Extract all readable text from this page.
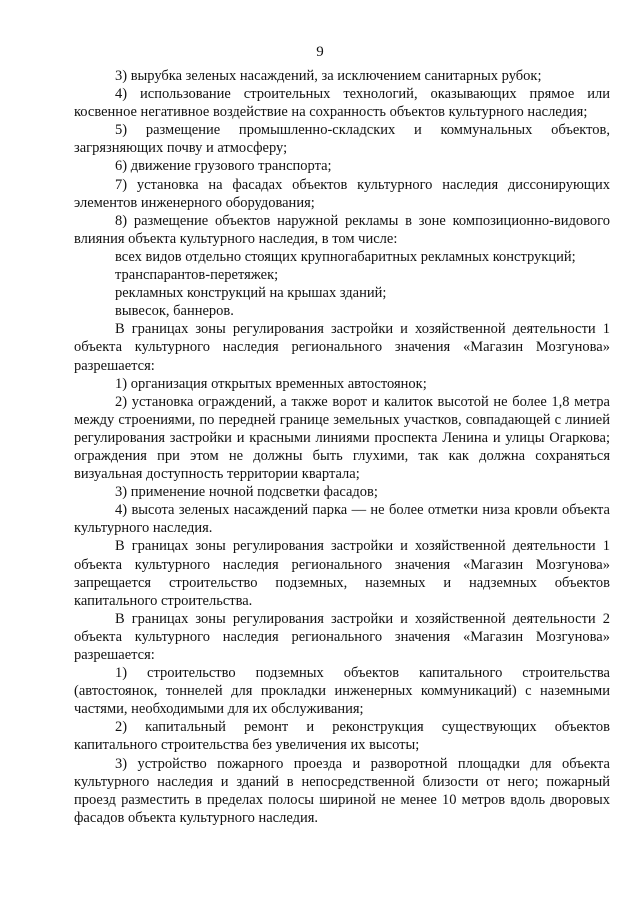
9

3) вырубка зеленых насаждений, за исключением санитарных рубок;

4) использование строительных технологий, оказывающих прямое или косвенное негативное воздействие на сохранность объектов культурного наследия;

5) размещение промышленно-складских и коммунальных объектов, загрязняющих почву и атмосферу;

6) движение грузового транспорта;

7) установка на фасадах объектов культурного наследия диссонирующих элементов инженерного оборудования;

8) размещение объектов наружной рекламы в зоне композиционно-видового влияния объекта культурного наследия, в том числе:

всех видов отдельно стоящих крупногабаритных рекламных конструкций;

транспарантов-перетяжек;

рекламных конструкций на крышах зданий;

вывесок, баннеров.

В границах зоны регулирования застройки и хозяйственной деятельности 1 объекта культурного наследия регионального значения «Магазин Мозгунова» разрешается:

1) организация открытых временных автостоянок;

2) установка ограждений, а также ворот и калиток высотой не более 1,8 метра между строениями, по передней границе земельных участков, совпадающей с линией регулирования застройки и красными линиями проспекта Ленина и улицы Огаркова; ограждения при этом не должны быть глухими, так как должна сохраняться визуальная доступность территории квартала;

3) применение ночной подсветки фасадов;

4) высота зеленых насаждений парка — не более отметки низа кровли объекта культурного наследия.

В границах зоны регулирования застройки и хозяйственной деятельности 1 объекта культурного наследия регионального значения «Магазин Мозгунова» запрещается строительство подземных, наземных и надземных объектов капитального строительства.

В границах зоны регулирования застройки и хозяйственной деятельности 2 объекта культурного наследия регионального значения «Магазин Мозгунова» разрешается:

1) строительство подземных объектов капитального строительства (автостоянок, тоннелей для прокладки инженерных коммуникаций) с наземными частями, необходимыми для их обслуживания;

2) капитальный ремонт и реконструкция существующих объектов капитального строительства без увеличения их высоты;

3) устройство пожарного проезда и разворотной площадки для объекта культурного наследия и зданий в непосредственной близости от него; пожарный проезд разместить в пределах полосы шириной не менее 10 метров вдоль дворовых фасадов объекта культурного наследия.
